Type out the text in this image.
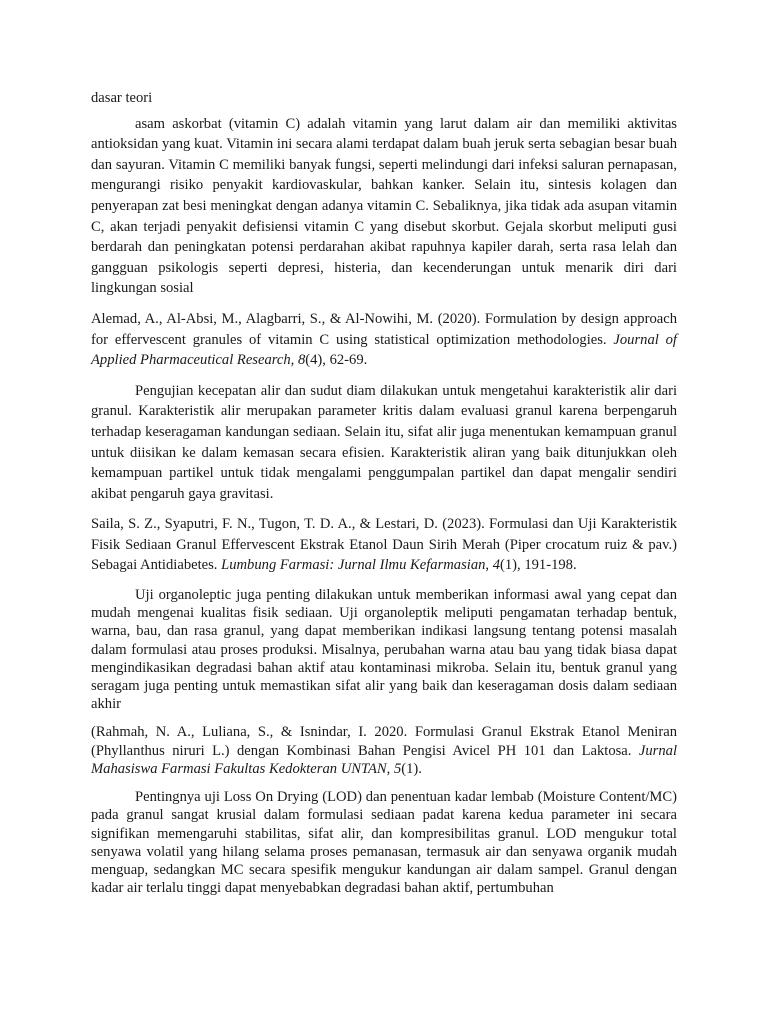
dasar teori

asam askorbat (vitamin C) adalah vitamin yang larut dalam air dan memiliki aktivitas antioksidan yang kuat. Vitamin ini secara alami terdapat dalam buah jeruk serta sebagian besar buah dan sayuran. Vitamin C memiliki banyak fungsi, seperti melindungi dari infeksi saluran pernapasan, mengurangi risiko penyakit kardiovaskular, bahkan kanker. Selain itu, sintesis kolagen dan penyerapan zat besi meningkat dengan adanya vitamin C. Sebaliknya, jika tidak ada asupan vitamin C, akan terjadi penyakit defisiensi vitamin C yang disebut skorbut. Gejala skorbut meliputi gusi berdarah dan peningkatan potensi perdarahan akibat rapuhnya kapiler darah, serta rasa lelah dan gangguan psikologis seperti depresi, histeria, dan kecenderungan untuk menarik diri dari lingkungan sosial

Alemad, A., Al-Absi, M., Alagbarri, S., & Al-Nowihi, M. (2020). Formulation by design approach for effervescent granules of vitamin C using statistical optimization methodologies. Journal of Applied Pharmaceutical Research, 8(4), 62-69.

Pengujian kecepatan alir dan sudut diam dilakukan untuk mengetahui karakteristik alir dari granul. Karakteristik alir merupakan parameter kritis dalam evaluasi granul karena berpengaruh terhadap keseragaman kandungan sediaan. Selain itu, sifat alir juga menentukan kemampuan granul untuk diisikan ke dalam kemasan secara efisien. Karakteristik aliran yang baik ditunjukkan oleh kemampuan partikel untuk tidak mengalami penggumpalan partikel dan dapat mengalir sendiri akibat pengaruh gaya gravitasi.

Saila, S. Z., Syaputri, F. N., Tugon, T. D. A., & Lestari, D. (2023). Formulasi dan Uji Karakteristik Fisik Sediaan Granul Effervescent Ekstrak Etanol Daun Sirih Merah (Piper crocatum ruiz & pav.) Sebagai Antidiabetes. Lumbung Farmasi: Jurnal Ilmu Kefarmasian, 4(1), 191-198.

Uji organoleptic juga penting dilakukan untuk memberikan informasi awal yang cepat dan mudah mengenai kualitas fisik sediaan. Uji organoleptik meliputi pengamatan terhadap bentuk, warna, bau, dan rasa granul, yang dapat memberikan indikasi langsung tentang potensi masalah dalam formulasi atau proses produksi. Misalnya, perubahan warna atau bau yang tidak biasa dapat mengindikasikan degradasi bahan aktif atau kontaminasi mikroba. Selain itu, bentuk granul yang seragam juga penting untuk memastikan sifat alir yang baik dan keseragaman dosis dalam sediaan akhir

(Rahmah, N. A., Luliana, S., & Isnindar, I. 2020. Formulasi Granul Ekstrak Etanol Meniran (Phyllanthus niruri L.) dengan Kombinasi Bahan Pengisi Avicel PH 101 dan Laktosa. Jurnal Mahasiswa Farmasi Fakultas Kedokteran UNTAN, 5(1).

Pentingnya uji Loss On Drying (LOD) dan penentuan kadar lembab (Moisture Content/MC) pada granul sangat krusial dalam formulasi sediaan padat karena kedua parameter ini secara signifikan memengaruhi stabilitas, sifat alir, dan kompresibilitas granul. LOD mengukur total senyawa volatil yang hilang selama proses pemanasan, termasuk air dan senyawa organik mudah menguap, sedangkan MC secara spesifik mengukur kandungan air dalam sampel. Granul dengan kadar air terlalu tinggi dapat menyebabkan degradasi bahan aktif, pertumbuhan
